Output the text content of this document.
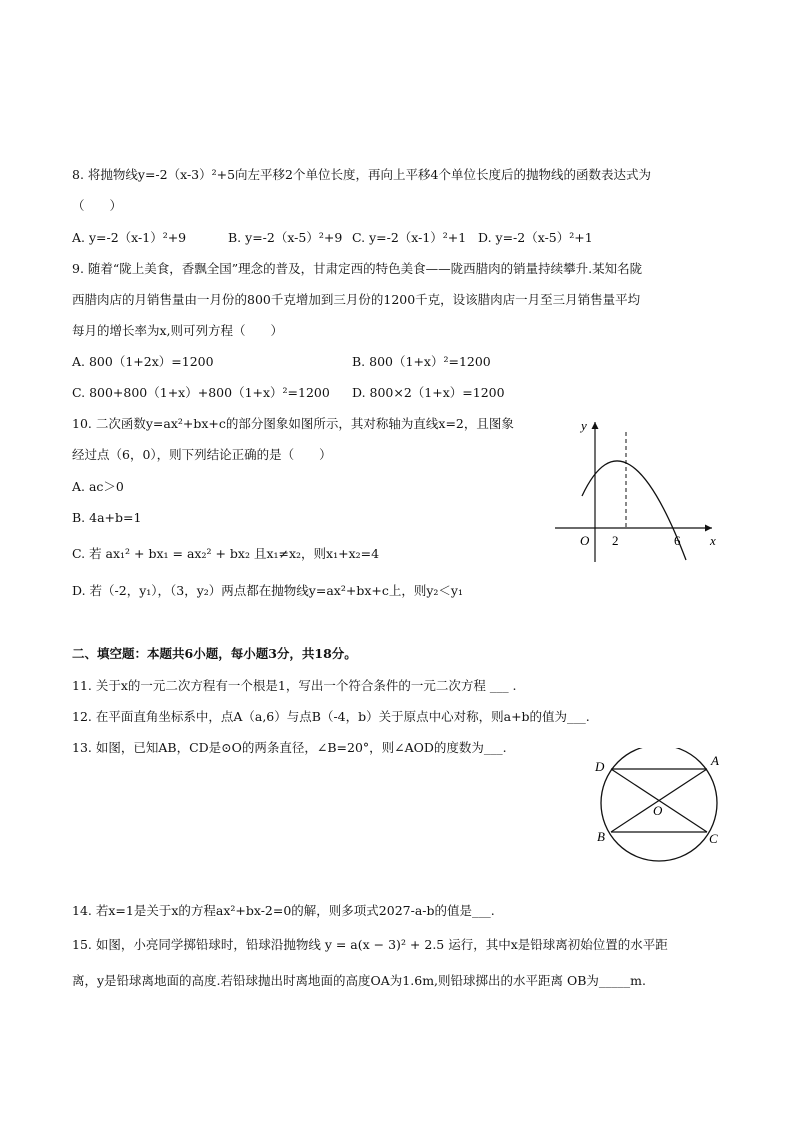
8. 将抛物线y=-2（x-3）²+5向左平移2个单位长度，再向上平移4个单位长度后的抛物线的函数表达式为
（　　）
A. y=-2（x-1）²+9	B. y=-2（x-5）²+9 C. y=-2（x-1）²+1 D. y=-2（x-5）²+1
9. 随着“陇上美食，香飘全国”理念的普及，甘肃定西的特色美食——陇西腊肉的销量持续攀升.某知名陇
西腊肉店的月销售量由一月份的800千克增加到三月份的1200千克，设该腊肉店一月至三月销售量平均
每月的增长率为x,则可列方程（　　）
A. 800（1+2x）=1200	B. 800（1+x）²=1200
C. 800+800（1+x）+800（1+x）²=1200 D. 800×2（1+x）=1200
10. 二次函数y=ax²+bx+c的部分图象如图所示，其对称轴为直线x=2，且图象
经过点（6，0），则下列结论正确的是（　　）
A. ac＞0
B. 4a+b=1
C. 若 ax₁² + bx₁ = ax₂² + bx₂ 且x₁≠x₂，则x₁+x₂=4
D. 若（-2，y₁），（3，y₂）两点都在抛物线y=ax²+bx+c上，则y₂＜y₁
y
x
O 2	6
二、填空题：本题共6小题，每小题3分，共18分。
11. 关于x的一元二次方程有一个根是1，写出一个符合条件的一元二次方程 ___ .
12. 在平面直角坐标系中，点A（a,6）与点B（-4，b）关于原点中心对称，则a+b的值为___.
13. 如图，已知AB，CD是⊙O的两条直径，∠B=20°，则∠AOD的度数为___.
A
D
B	C
O
14. 若x=1是关于x的方程ax²+bx-2=0的解，则多项式2027-a-b的值是___.
15. 如图，小亮同学掷铅球时，铅球沿抛物线 y = a(x − 3)² + 2.5 运行，其中x是铅球离初始位置的水平距
离，y是铅球离地面的高度.若铅球抛出时离地面的高度OA为1.6m,则铅球掷出的水平距离 OB为_____m.
